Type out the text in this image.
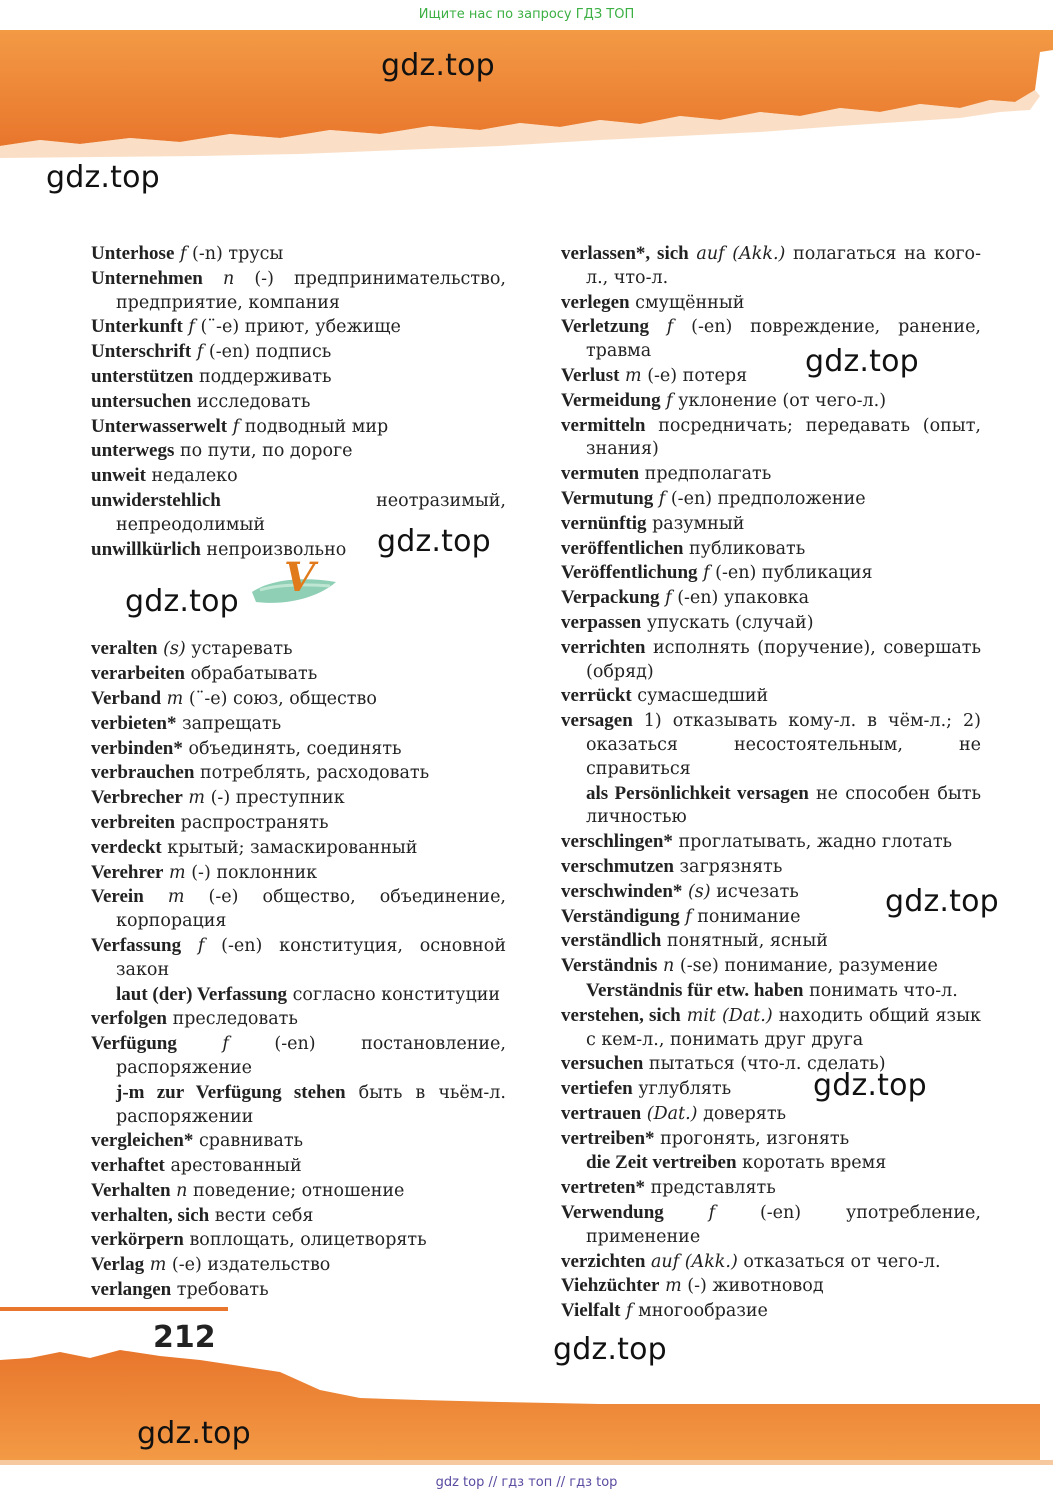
Ищите нас по запросу ГДЗ ТОП
gdz.top
gdz.top
gdz.top
gdz.top
gdz.top
gdz.top
gdz.top
gdz.top
gdz.top
V
Unterhose f (-n) трусы
Unternehmen n (-) предпринимательство, предприятие, компания
Unterkunft f (¨-e) приют, убежище
Unterschrift f (-en) подпись
unterstützen поддерживать
untersuchen исследовать
Unterwasserwelt f подводный мир
unterwegs по пути, по дороге
unweit недалеко
unwiderstehlich	неотразимый, непреодолимый
unwillkürlich непроизвольно
veralten (s) устаревать
verarbeiten обрабатывать
Verband m (¨-e) союз, общество
verbieten* запрещать
verbinden* объединять, соединять
verbrauchen потреблять, расходовать
Verbrecher m (-) преступник
verbreiten распространять
verdeckt крытый; замаскированный
Verehrer m (-) поклонник
Verein m (-e) общество, объединение, корпорация
Verfassung f (-en) конституция, основной закон
laut (der) Verfassung согласно конституции
verfolgen преследовать
Verfügung	f	(-en) постановление, распоряжение
j-m zur Verfügung stehen быть в чьём-л. распоряжении
vergleichen* сравнивать
verhaftet арестованный
Verhalten n поведение; отношение
verhalten, sich вести себя
verkörpern воплощать, олицетворять
Verlag m (-e) издательство
verlangen требовать
verlassen*, sich auf (Akk.) полагаться на кого-л., что-л.
verlegen смущённый
Verletzung f (-en) повреждение, ранение, травма
Verlust m (-e) потеря
Vermeidung f уклонение (от чего-л.)
vermitteln посредничать; передавать (опыт, знания)
vermuten предполагать
Vermutung f (-en) предположение
vernünftig разумный
veröffentlichen публиковать
Veröffentlichung f (-en) публикация
Verpackung f (-en) упаковка
verpassen упускать (случай)
verrichten исполнять (поручение), совершать (обряд)
verrückt сумасшедший
versagen 1) отказывать кому-л. в чём-л.; 2) оказаться несостоятельным, не справиться
als Persönlichkeit versagen не способен быть личностью
verschlingen* проглатывать, жадно глотать
verschmutzen загрязнять
verschwinden* (s) исчезать
Verständigung f понимание
verständlich понятный, ясный
Verständnis n (-se) понимание, разумение
Verständnis für etw. haben понимать что-л.
verstehen, sich mit (Dat.) находить общий язык с кем-л., понимать друг друга
versuchen пытаться (что-л. сделать)
vertiefen углублять
vertrauen (Dat.) доверять
vertreiben* прогонять, изгонять
die Zeit vertreiben коротать время
vertreten* представлять
Verwendung	f	(-en) употребление, применение
verzichten auf (Akk.) отказаться от чего-л.
Viehzüchter m (-) животновод
Vielfalt f многообразие
212
gdz top // гдз топ // гдз top
